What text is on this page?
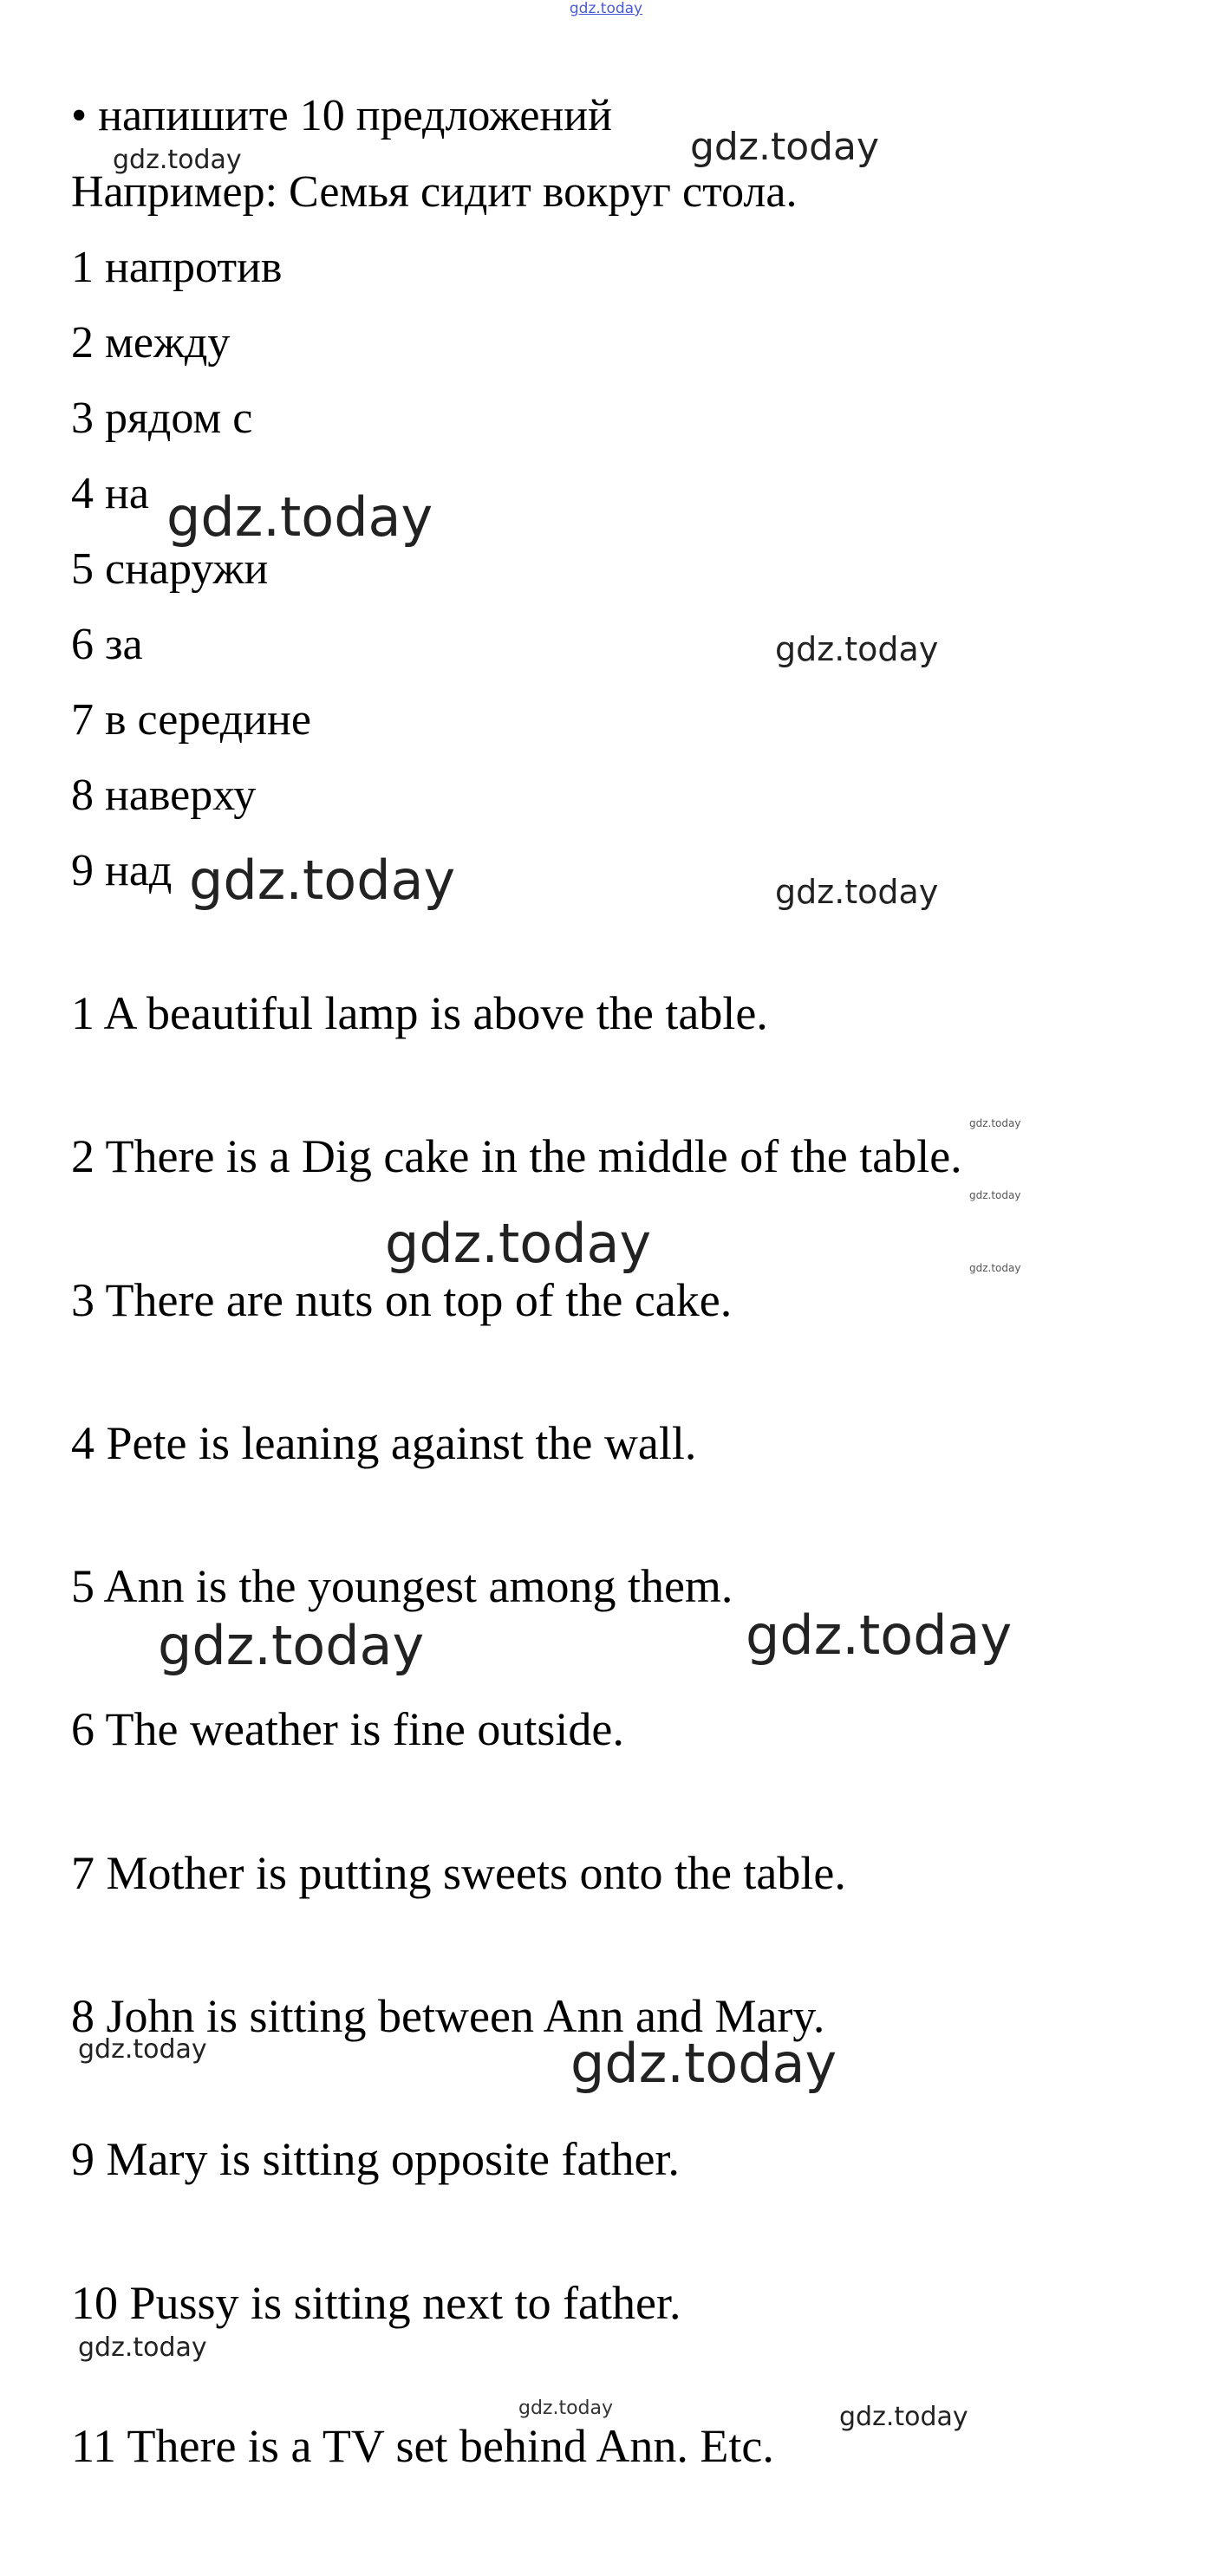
gdz.today
• напишите 10 предложений
Например: Семья сидит вокруг стола.
1 напротив
2 между
3 рядом с
4 на
5 снаружи
6 за
7 в середине
8 наверху
9 над
1 A beautiful lamp is above the table.
2 There is a Dig cake in the middle of the table.
3 There are nuts on top of the cake.
4 Pete is leaning against the wall.
5 Ann is the youngest among them.
6 The weather is fine outside.
7 Mother is putting sweets onto the table.
8 John is sitting between Ann and Mary.
9 Mary is sitting opposite father.
10 Pussy is sitting next to father.
11 There is a TV set behind Ann. Etc.
gdz.today
gdz.today
gdz.today
gdz.today
gdz.today	gdz.today
gdz.today
gdz.today
gdz.today	gdz.today
gdz.today
gdz.today
gdz.today	gdz.today
gdz.today
gdz.today	gdz.today
